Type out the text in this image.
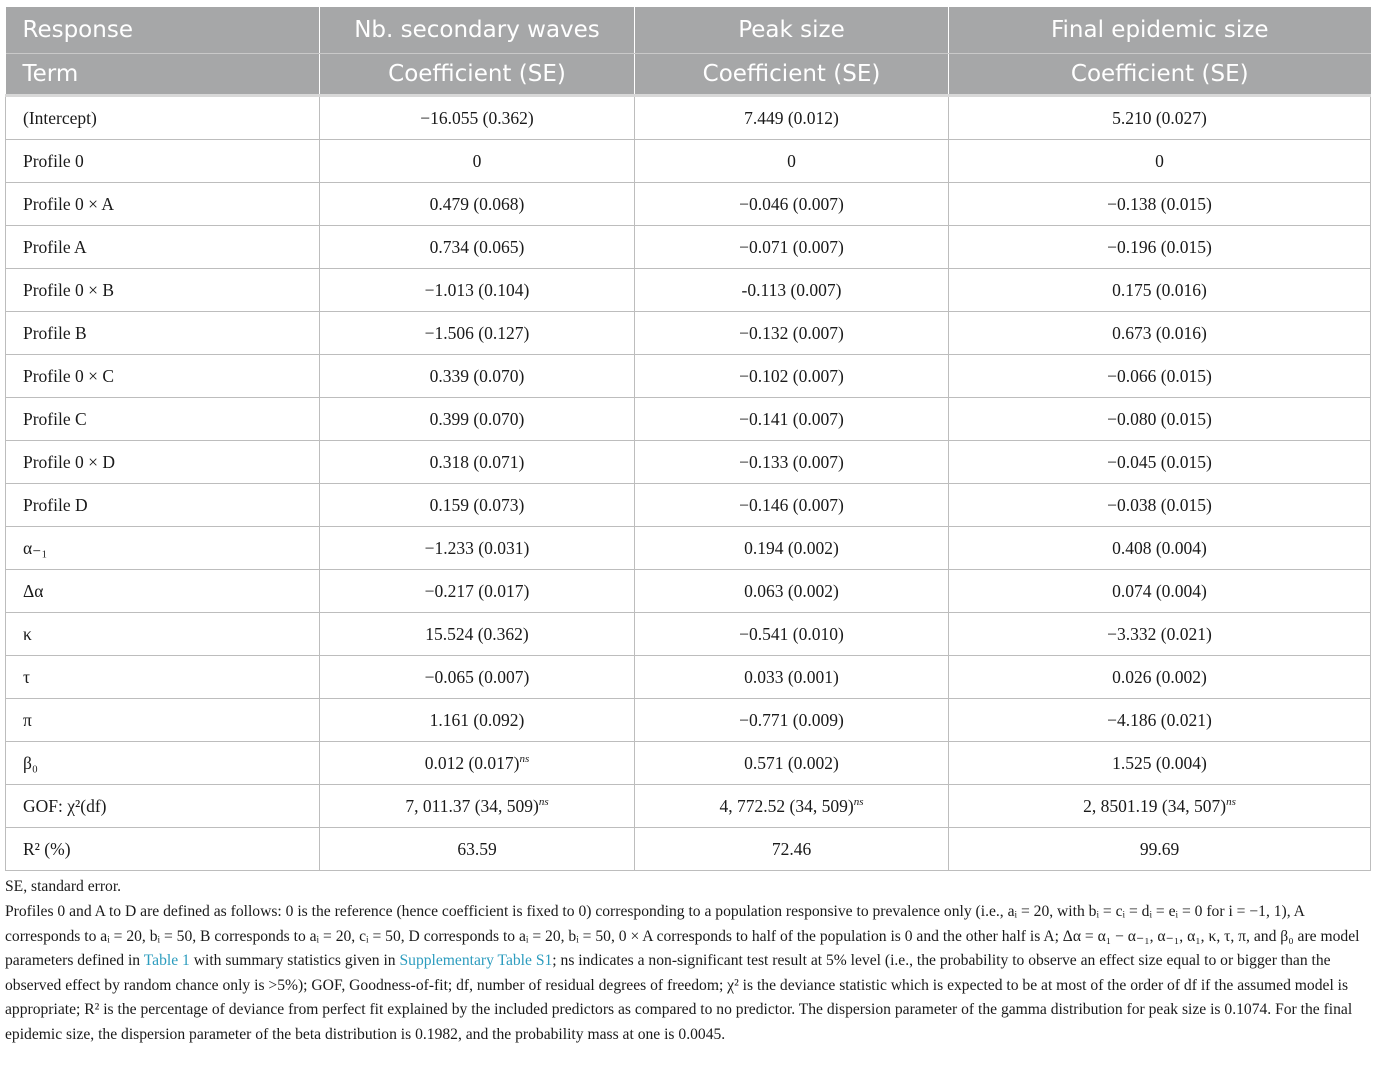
Response	Nb. secondary waves	Peak size	Final epidemic size
Term	Coefficient (SE)	Coefficient (SE)	Coefficient (SE)
(Intercept)	−16.055 (0.362)	7.449 (0.012)	5.210 (0.027)
Profile 0	0	0	0
Profile 0 × A	0.479 (0.068)	−0.046 (0.007)	−0.138 (0.015)
Profile A	0.734 (0.065)	−0.071 (0.007)	−0.196 (0.015)
Profile 0 × B	−1.013 (0.104)	-0.113 (0.007)	0.175 (0.016)
Profile B	−1.506 (0.127)	−0.132 (0.007)	0.673 (0.016)
Profile 0 × C	0.339 (0.070)	−0.102 (0.007)	−0.066 (0.015)
Profile C	0.399 (0.070)	−0.141 (0.007)	−0.080 (0.015)
Profile 0 × D	0.318 (0.071)	−0.133 (0.007)	−0.045 (0.015)
Profile D	0.159 (0.073)	−0.146 (0.007)	−0.038 (0.015)
α₋₁	−1.233 (0.031)	0.194 (0.002)	0.408 (0.004)
Δα	−0.217 (0.017)	0.063 (0.002)	0.074 (0.004)
κ	15.524 (0.362)	−0.541 (0.010)	−3.332 (0.021)
τ	−0.065 (0.007)	0.033 (0.001)	0.026 (0.002)
π	1.161 (0.092)	−0.771 (0.009)	−4.186 (0.021)
β₀	0.012 $(0.017)^{ns}$	0.571 (0.002)	1.525 (0.004)
GOF: χ²(df)	7, 011.37 (34, 509)$^{ns}$	4, 772.52 (34, 509)$^{ns}$	2, 8501.19 (34, 507)$^{ns}$
R² (%)	63.59	72.46	99.69
SE, standard error.
Profiles 0 and A to D are defined as follows: 0 is the reference (hence coefficient is fixed to 0) corresponding to a population responsive to prevalence only (i.e., aᵢ = 20, with bᵢ = cᵢ = dᵢ = eᵢ = 0 for i = −1, 1), A corresponds to aᵢ = 20, bᵢ = 50, B corresponds to aᵢ = 20, cᵢ = 50, D corresponds to aᵢ = 20, bᵢ = 50, 0 × A corresponds to half of the population is 0 and the other half is A; Δα = α₁ − α₋₁, α₋₁, α₁, κ, τ, π, and β₀ are model parameters defined in Table 1 with summary statistics given in Supplementary Table S1; ns indicates a non-significant test result at 5% level (i.e., the probability to observe an effect size equal to or bigger than the observed effect by random chance only is >5%); GOF, Goodness-of-fit; df, number of residual degrees of freedom; χ² is the deviance statistic which is expected to be at most of the order of df if the assumed model is appropriate; R² is the percentage of deviance from perfect fit explained by the included predictors as compared to no predictor. The dispersion parameter of the gamma distribution for peak size is 0.1074. For the final epidemic size, the dispersion parameter of the beta distribution is 0.1982, and the probability mass at one is 0.0045.
